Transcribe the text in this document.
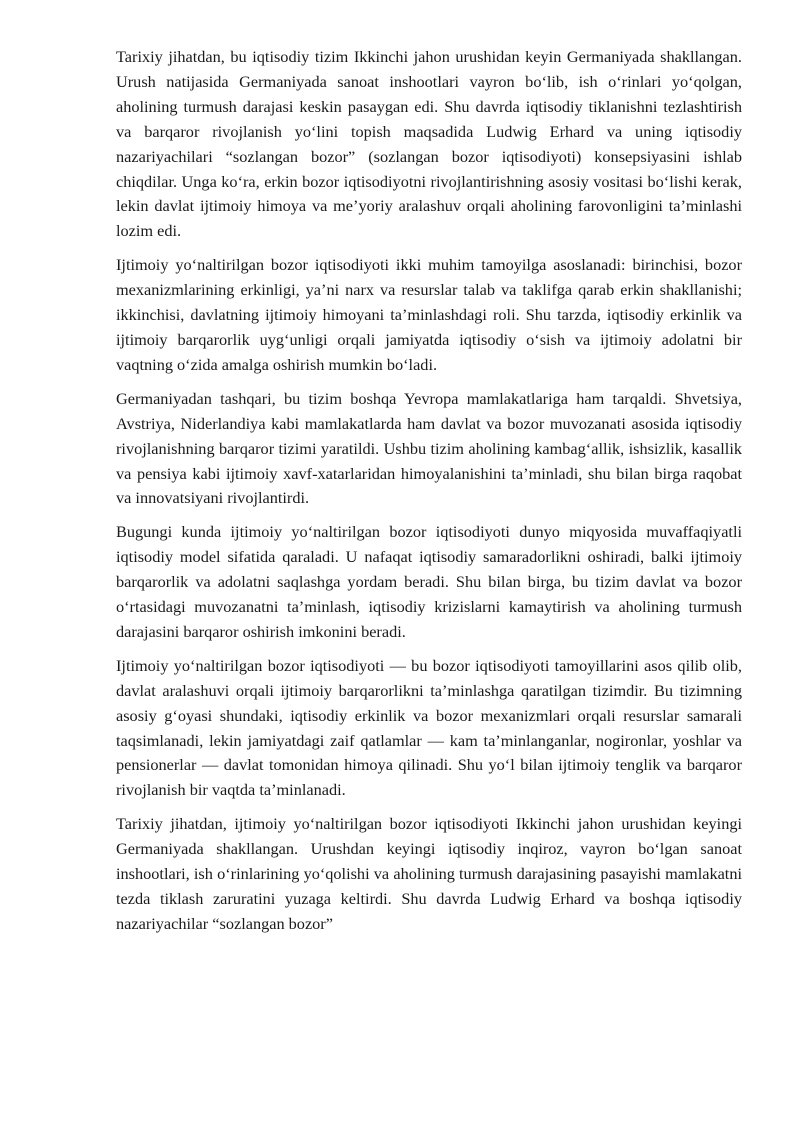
Tarixiy jihatdan, bu iqtisodiy tizim Ikkinchi jahon urushidan keyin Germaniyada shakllangan. Urush natijasida Germaniyada sanoat inshootlari vayron bo‘lib, ish o‘rinlari yo‘qolgan, aholining turmush darajasi keskin pasaygan edi. Shu davrda iqtisodiy tiklanishni tezlashtirish va barqaror rivojlanish yo‘lini topish maqsadida Ludwig Erhard va uning iqtisodiy nazariyachilari “sozlangan bozor” (sozlangan bozor iqtisodiyoti) konsepsiyasini ishlab chiqdilar. Unga ko‘ra, erkin bozor iqtisodiyotni rivojlantirishning asosiy vositasi bo‘lishi kerak, lekin davlat ijtimoiy himoya va me’yoriy aralashuv orqali aholining farovonligini ta’minlashi lozim edi.

Ijtimoiy yo‘naltirilgan bozor iqtisodiyoti ikki muhim tamoyilga asoslanadi: birinchisi, bozor mexanizmlarining erkinligi, ya’ni narx va resurslar talab va taklifga qarab erkin shakllanishi; ikkinchisi, davlatning ijtimoiy himoyani ta’minlashdagi roli. Shu tarzda, iqtisodiy erkinlik va ijtimoiy barqarorlik uyg‘unligi orqali jamiyatda iqtisodiy o‘sish va ijtimoiy adolatni bir vaqtning o‘zida amalga oshirish mumkin bo‘ladi.

Germaniyadan tashqari, bu tizim boshqa Yevropa mamlakatlariga ham tarqaldi. Shvetsiya, Avstriya, Niderlandiya kabi mamlakatlarda ham davlat va bozor muvozanati asosida iqtisodiy rivojlanishning barqaror tizimi yaratildi. Ushbu tizim aholining kambag‘allik, ishsizlik, kasallik va pensiya kabi ijtimoiy xavf-xatarlaridan himoyalanishini ta’minladi, shu bilan birga raqobat va innovatsiyani rivojlantirdi.

Bugungi kunda ijtimoiy yo‘naltirilgan bozor iqtisodiyoti dunyo miqyosida muvaffaqiyatli iqtisodiy model sifatida qaraladi. U nafaqat iqtisodiy samaradorlikni oshiradi, balki ijtimoiy barqarorlik va adolatni saqlashga yordam beradi. Shu bilan birga, bu tizim davlat va bozor o‘rtasidagi muvozanatni ta’minlash, iqtisodiy krizislarni kamaytirish va aholining turmush darajasini barqaror oshirish imkonini beradi.

Ijtimoiy yo‘naltirilgan bozor iqtisodiyoti — bu bozor iqtisodiyoti tamoyillarini asos qilib olib, davlat aralashuvi orqali ijtimoiy barqarorlikni ta’minlashga qaratilgan tizimdir. Bu tizimning asosiy g‘oyasi shundaki, iqtisodiy erkinlik va bozor mexanizmlari orqali resurslar samarali taqsimlanadi, lekin jamiyatdagi zaif qatlamlar — kam ta’minlanganlar, nogironlar, yoshlar va pensionerlar — davlat tomonidan himoya qilinadi. Shu yo‘l bilan ijtimoiy tenglik va barqaror rivojlanish bir vaqtda ta’minlanadi.

Tarixiy jihatdan, ijtimoiy yo‘naltirilgan bozor iqtisodiyoti Ikkinchi jahon urushidan keyingi Germaniyada shakllangan. Urushdan keyingi iqtisodiy inqiroz, vayron bo‘lgan sanoat inshootlari, ish o‘rinlarining yo‘qolishi va aholining turmush darajasining pasayishi mamlakatni tezda tiklash zaruratini yuzaga keltirdi. Shu davrda Ludwig Erhard va boshqa iqtisodiy nazariyachilar “sozlangan bozor”
